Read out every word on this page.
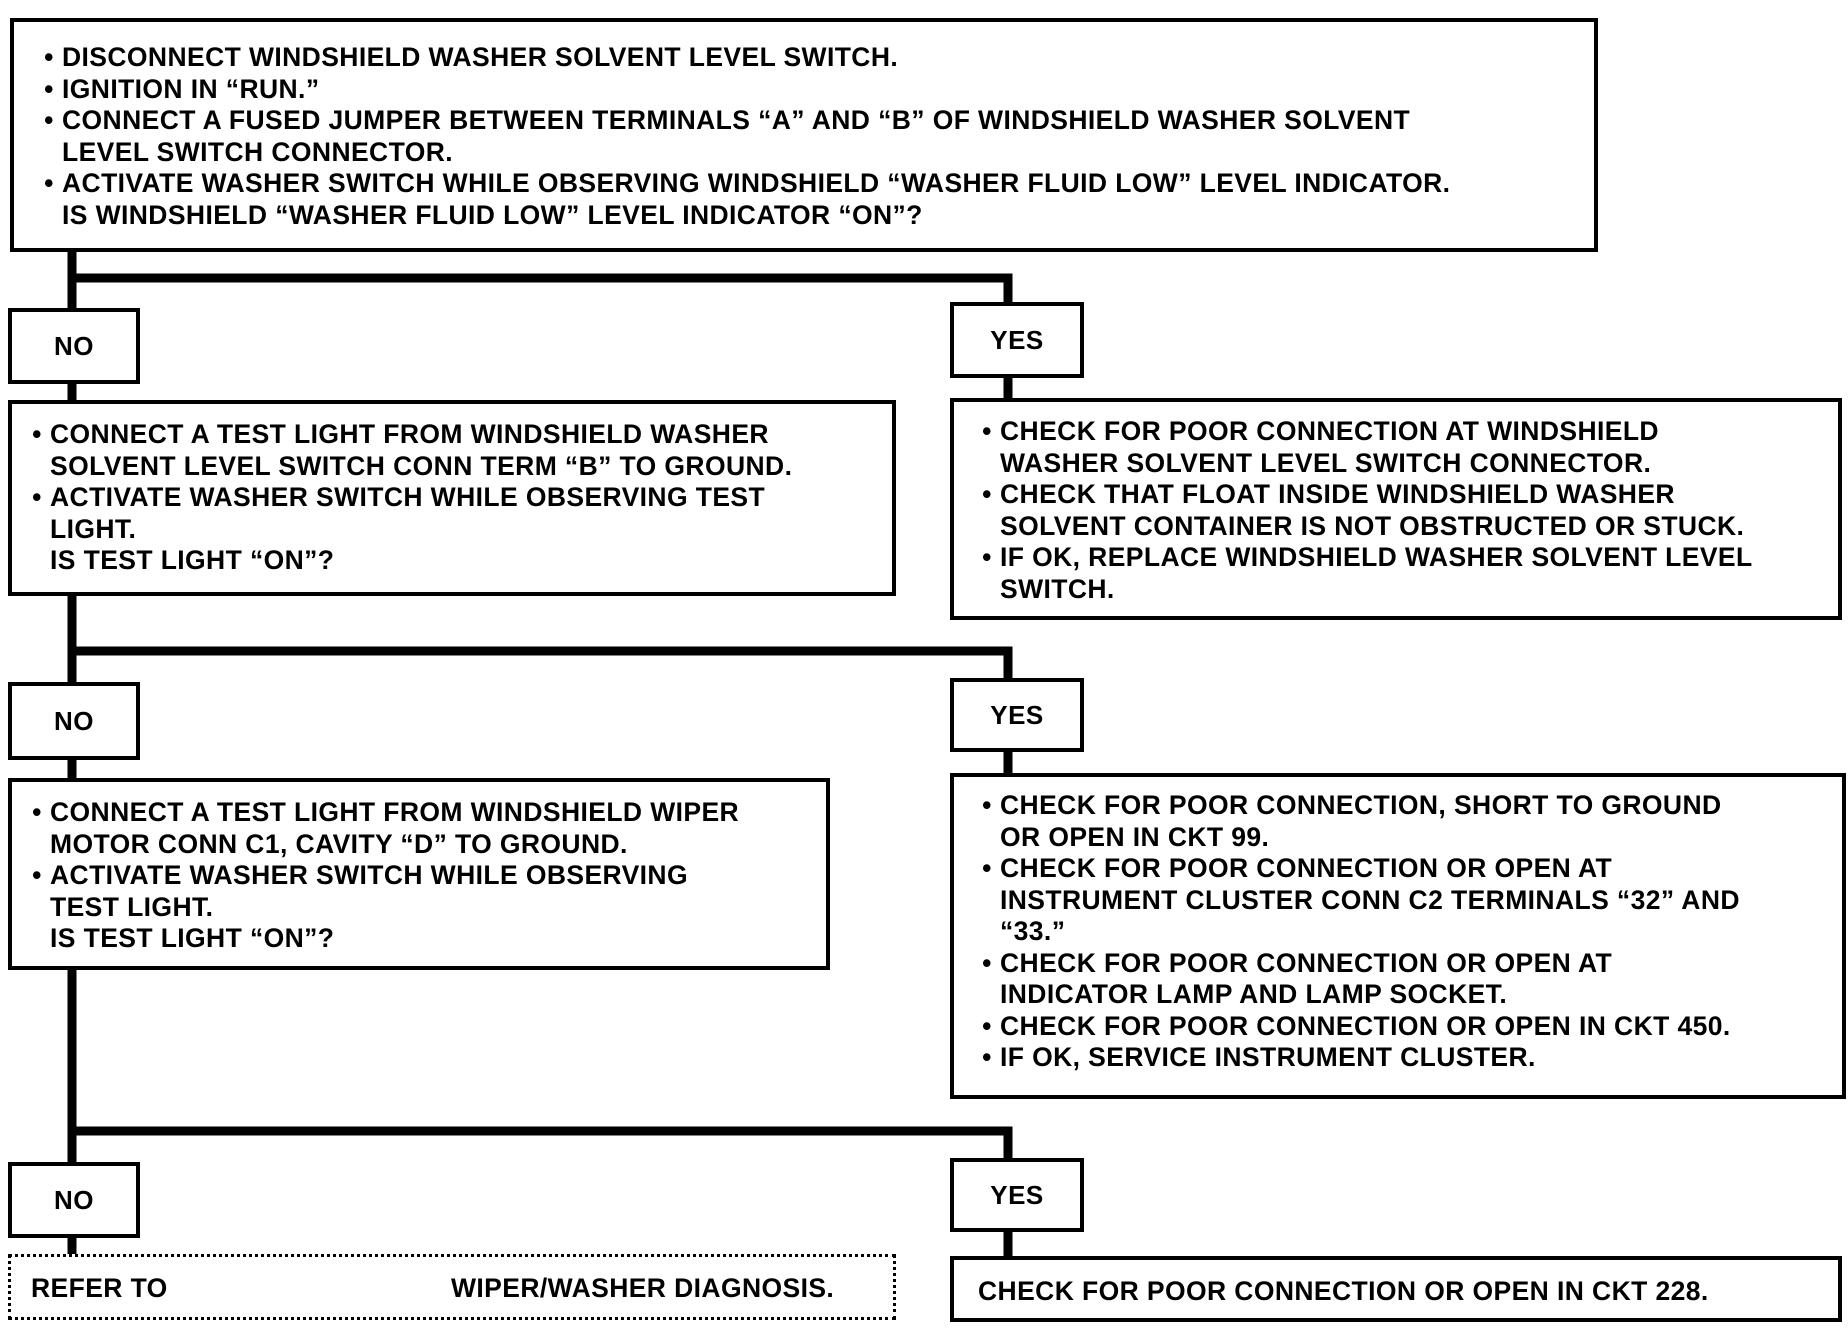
• DISCONNECT WINDSHIELD WASHER SOLVENT LEVEL SWITCH.
• IGNITION IN “RUN.”
• CONNECT A FUSED JUMPER BETWEEN TERMINALS “A” AND “B” OF WINDSHIELD WASHER SOLVENT
LEVEL SWITCH CONNECTOR.
• ACTIVATE WASHER SWITCH WHILE OBSERVING WINDSHIELD “WASHER FLUID LOW” LEVEL INDICATOR.
IS WINDSHIELD “WASHER FLUID LOW” LEVEL INDICATOR “ON”?
NO	YES
• CONNECT A TEST LIGHT FROM WINDSHIELD WASHER
SOLVENT LEVEL SWITCH CONN TERM “B” TO GROUND.
• ACTIVATE WASHER SWITCH WHILE OBSERVING TEST
LIGHT.
IS TEST LIGHT “ON”?
• CHECK FOR POOR CONNECTION AT WINDSHIELD
WASHER SOLVENT LEVEL SWITCH CONNECTOR.
• CHECK THAT FLOAT INSIDE WINDSHIELD WASHER
SOLVENT CONTAINER IS NOT OBSTRUCTED OR STUCK.
• IF OK, REPLACE WINDSHIELD WASHER SOLVENT LEVEL
SWITCH.
NO	YES
• CONNECT A TEST LIGHT FROM WINDSHIELD WIPER
MOTOR CONN C1, CAVITY “D” TO GROUND.
• ACTIVATE WASHER SWITCH WHILE OBSERVING
TEST LIGHT.
IS TEST LIGHT “ON”?
• CHECK FOR POOR CONNECTION, SHORT TO GROUND
OR OPEN IN CKT 99.
• CHECK FOR POOR CONNECTION OR OPEN AT
INSTRUMENT CLUSTER CONN C2 TERMINALS “32” AND
“33.”
• CHECK FOR POOR CONNECTION OR OPEN AT
INDICATOR LAMP AND LAMP SOCKET.
• CHECK FOR POOR CONNECTION OR OPEN IN CKT 450.
• IF OK, SERVICE INSTRUMENT CLUSTER.
NO	YES
REFER TO	WIPER/WASHER DIAGNOSIS.	CHECK FOR POOR CONNECTION OR OPEN IN CKT 228.
